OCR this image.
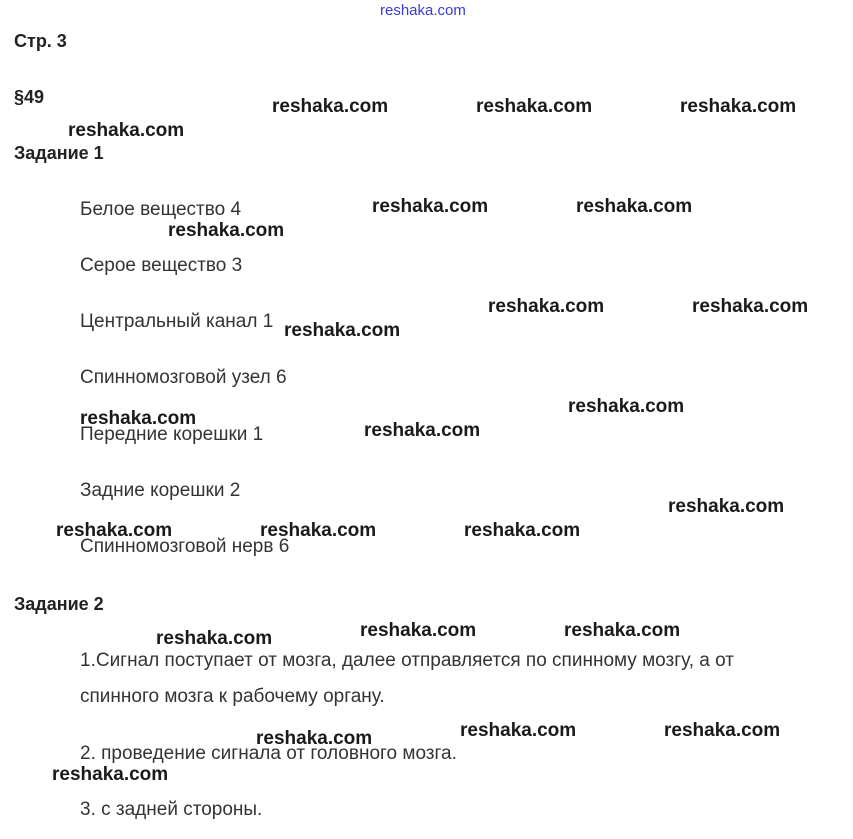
reshaka.com
Стр. 3
§49
Задание 1
Белое вещество 4
Серое вещество 3
Центральный канал 1
Спинномозговой узел 6
Передние корешки 1
Задние корешки 2
Спинномозговой нерв 6
Задание 2
1.Сигнал поступает от мозга, далее отправляется по спинному мозгу, а от
спинного мозга к рабочему органу.
2. проведение сигнала от головного мозга.
3. с задней стороны.
reshaka.com	reshaka.com	reshaka.com
reshaka.com
reshaka.com	reshaka.com
reshaka.com
reshaka.com	reshaka.com
reshaka.com
reshaka.com
reshaka.com
reshaka.com
reshaka.com
reshaka.com	reshaka.com	reshaka.com
reshaka.com	reshaka.com
reshaka.com
reshaka.com	reshaka.com
reshaka.com
reshaka.com
